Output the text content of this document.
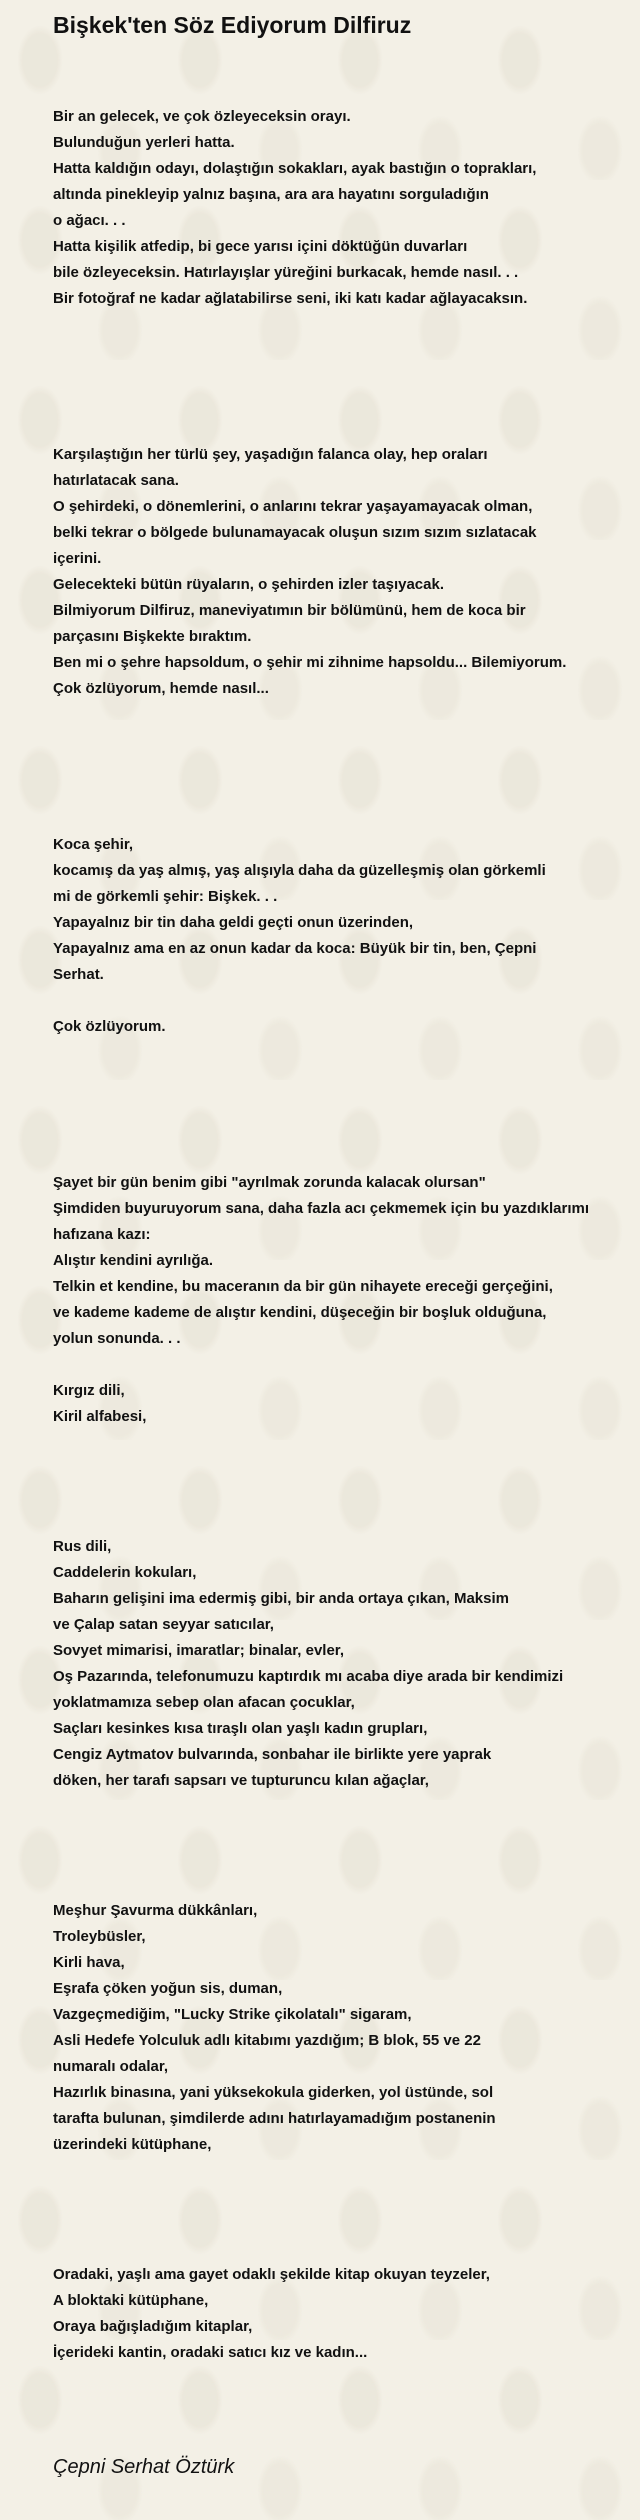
Bişkek'ten Söz Ediyorum Dilfiruz
Bir an gelecek, ve çok özleyeceksin orayı.
Bulunduğun yerleri hatta.
Hatta kaldığın odayı, dolaştığın sokakları, ayak bastığın o toprakları,
altında pinekleyip yalnız başına, ara ara hayatını sorguladığın
o ağacı. . .
Hatta kişilik atfedip, bi gece yarısı içini döktüğün duvarları
bile özleyeceksin. Hatırlayışlar yüreğini burkacak, hemde nasıl. . .
Bir fotoğraf ne kadar ağlatabilirse seni, iki katı kadar ağlayacaksın.
Karşılaştığın her türlü şey, yaşadığın falanca olay, hep oraları
hatırlatacak sana.
O şehirdeki, o dönemlerini, o anlarını tekrar yaşayamayacak olman,
belki tekrar o bölgede bulunamayacak oluşun sızım sızım sızlatacak
içerini.
Gelecekteki bütün rüyaların, o şehirden izler taşıyacak.
Bilmiyorum Dilfiruz, maneviyatımın bir bölümünü, hem de koca bir
parçasını Bişkekte bıraktım.
Ben mi o şehre hapsoldum, o şehir mi zihnime hapsoldu... Bilemiyorum.
Çok özlüyorum, hemde nasıl...
Koca şehir,
kocamış da yaş almış, yaş alışıyla daha da güzelleşmiş olan görkemli
mi de görkemli şehir: Bişkek. . .
Yapayalnız bir tin daha geldi geçti onun üzerinden,
Yapayalnız ama en az onun kadar da koca: Büyük bir tin, ben, Çepni
Serhat.
Çok özlüyorum.
Şayet bir gün benim gibi "ayrılmak zorunda kalacak olursan"
Şimdiden buyuruyorum sana, daha fazla acı çekmemek için bu yazdıklarımı
hafızana kazı:
Alıştır kendini ayrılığa.
Telkin et kendine, bu maceranın da bir gün nihayete ereceği gerçeğini,
ve kademe kademe de alıştır kendini, düşeceğin bir boşluk olduğuna,
yolun sonunda. . .
Kırgız dili,
Kiril alfabesi,
Rus dili,
Caddelerin kokuları,
Baharın gelişini ima edermiş gibi, bir anda ortaya çıkan, Maksim
ve Çalap satan seyyar satıcılar,
Sovyet mimarisi, imaratlar; binalar, evler,
Oş Pazarında, telefonumuzu kaptırdık mı acaba diye arada bir kendimizi
yoklatmamıza sebep olan afacan çocuklar,
Saçları kesinkes kısa tıraşlı olan yaşlı kadın grupları,
Cengiz Aytmatov bulvarında, sonbahar ile birlikte yere yaprak
döken, her tarafı sapsarı ve tupturuncu kılan ağaçlar,
Meşhur Şavurma dükkânları,
Troleybüsler,
Kirli hava,
Eşrafa çöken yoğun sis, duman,
Vazgeçmediğim, "Lucky Strike çikolatalı" sigaram,
Asli Hedefe Yolculuk adlı kitabımı yazdığım; B blok, 55 ve 22
numaralı odalar,
Hazırlık binasına, yani yüksekokula giderken, yol üstünde, sol
tarafta bulunan, şimdilerde adını hatırlayamadığım postanenin
üzerindeki kütüphane,
Oradaki, yaşlı ama gayet odaklı şekilde kitap okuyan teyzeler,
A bloktaki kütüphane,
Oraya bağışladığım kitaplar,
İçerideki kantin, oradaki satıcı kız ve kadın...
Çepni Serhat Öztürk
